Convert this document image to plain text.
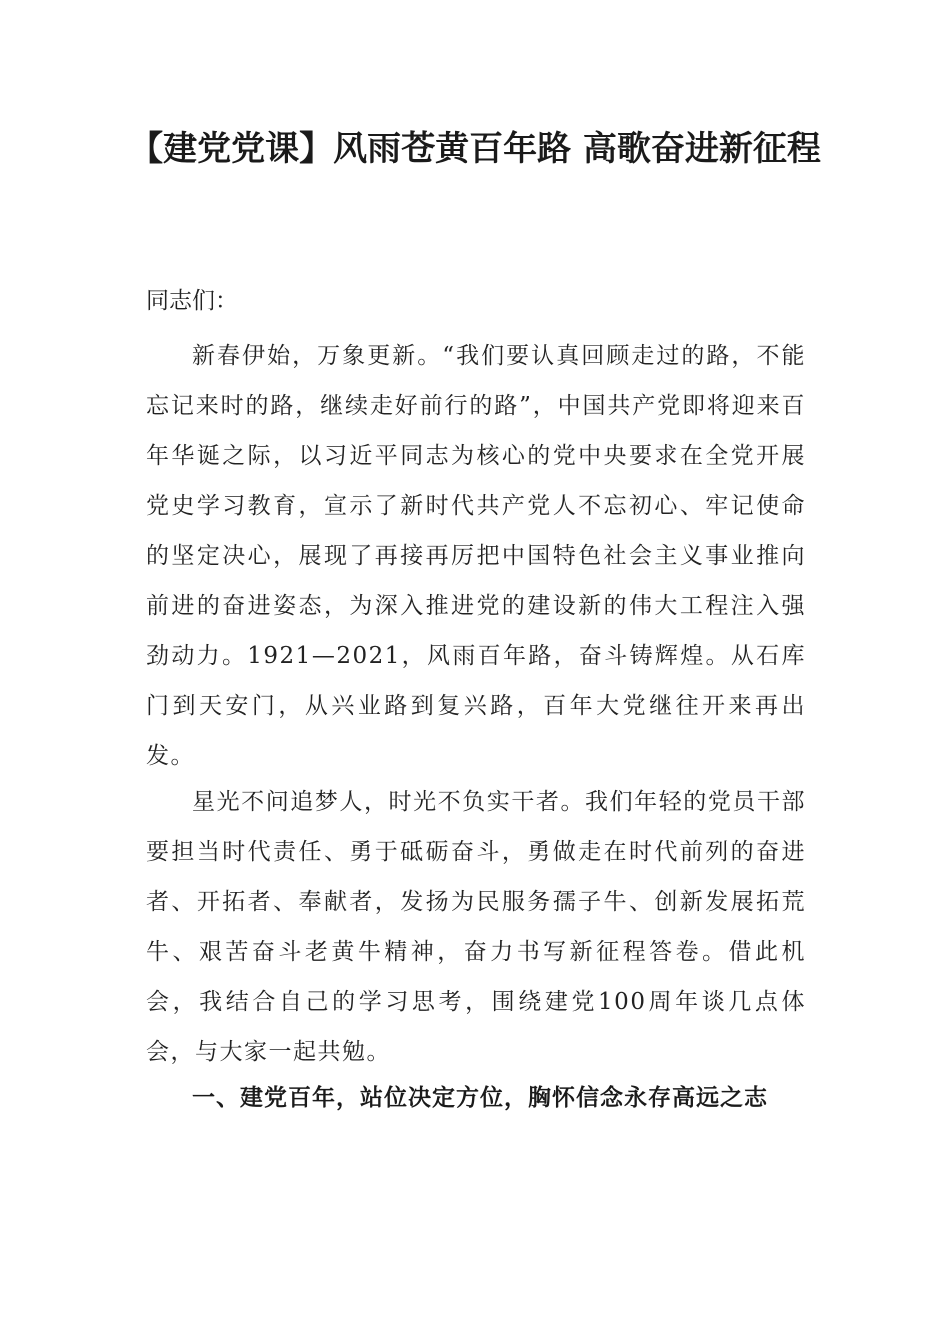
【建党党课】风雨苍黄百年路 高歌奋进新征程
同志们：

新春伊始，万象更新。“我们要认真回顾走过的路，不能忘记来时的路，继续走好前行的路”，中国共产党即将迎来百年华诞之际，以习近平同志为核心的党中央要求在全党开展党史学习教育，宣示了新时代共产党人不忘初心、牢记使命的坚定决心，展现了再接再厉把中国特色社会主义事业推向前进的奋进姿态，为深入推进党的建设新的伟大工程注入强劲动力。1921—2021，风雨百年路，奋斗铸辉煌。从石库门到天安门，从兴业路到复兴路，百年大党继往开来再出发。

星光不问追梦人，时光不负实干者。我们年轻的党员干部要担当时代责任、勇于砥砺奋斗，勇做走在时代前列的奋进者、开拓者、奉献者，发扬为民服务孺子牛、创新发展拓荒牛、艰苦奋斗老黄牛精神，奋力书写新征程答卷。借此机会，我结合自己的学习思考，围绕建党100周年谈几点体会，与大家一起共勉。

一、建党百年，站位决定方位，胸怀信念永存高远之志
